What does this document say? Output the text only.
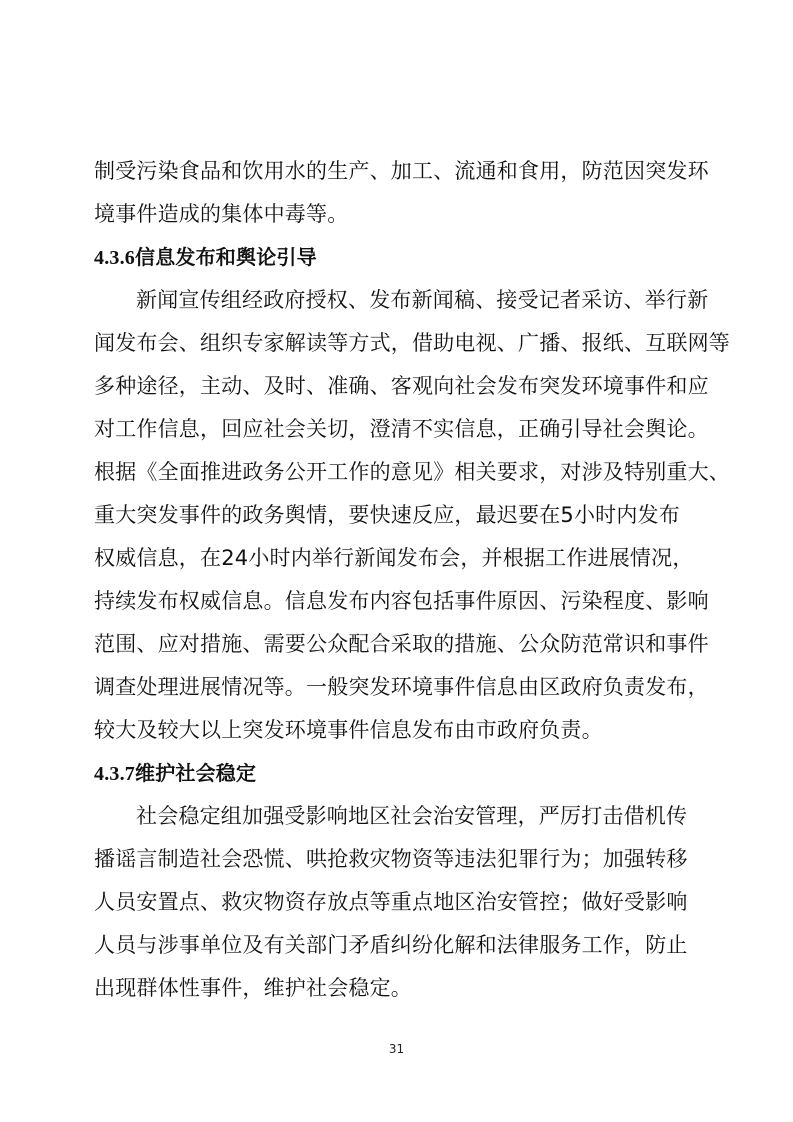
制受污染食品和饮用水的生产、加工、流通和食用，防范因突发环
境事件造成的集体中毒等。
4.3.6信息发布和舆论引导
新闻宣传组经政府授权、发布新闻稿、接受记者采访、举行新
闻发布会、组织专家解读等方式，借助电视、广播、报纸、互联网等
多种途径，主动、及时、准确、客观向社会发布突发环境事件和应
对工作信息，回应社会关切，澄清不实信息，正确引导社会舆论。
根据《全面推进政务公开工作的意见》相关要求，对涉及特别重大、
重大突发事件的政务舆情，要快速反应，最迟要在5小时内发布
权威信息，在24小时内举行新闻发布会，并根据工作进展情况，
持续发布权威信息。信息发布内容包括事件原因、污染程度、影响
范围、应对措施、需要公众配合采取的措施、公众防范常识和事件
调查处理进展情况等。一般突发环境事件信息由区政府负责发布，
较大及较大以上突发环境事件信息发布由市政府负责。
4.3.7维护社会稳定
社会稳定组加强受影响地区社会治安管理，严厉打击借机传
播谣言制造社会恐慌、哄抢救灾物资等违法犯罪行为；加强转移
人员安置点、救灾物资存放点等重点地区治安管控；做好受影响
人员与涉事单位及有关部门矛盾纠纷化解和法律服务工作，防止
出现群体性事件，维护社会稳定。
31
